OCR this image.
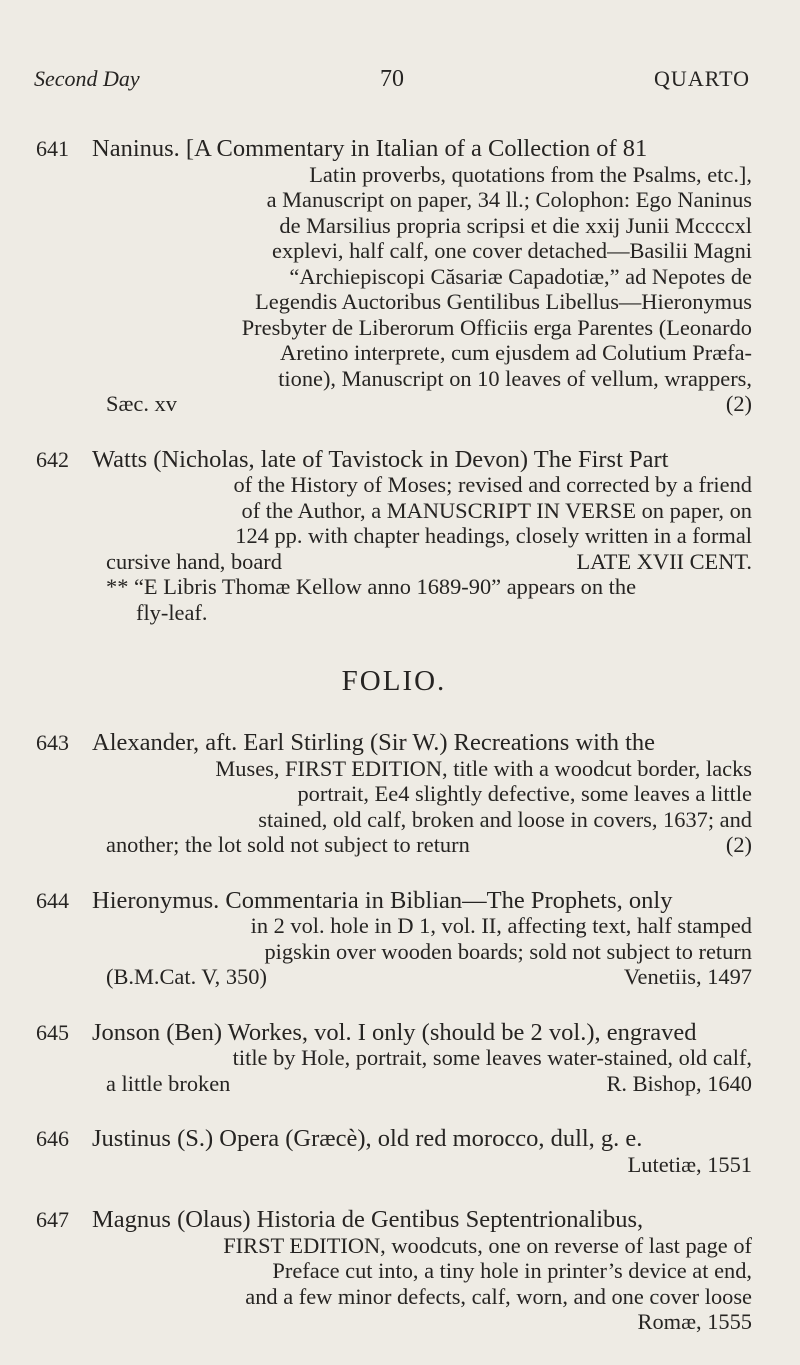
Second Day	70	QUARTO
641 Naninus. [A Commentary in Italian of a Collection of 81
Latin proverbs, quotations from the Psalms, etc.],
a Manuscript on paper, 34 ll.; Colophon: Ego Naninus
de Marsilius propria scripsi et die xxij Junii Mccccxl
explevi, half calf, one cover detached—Basilii Magni
“Archiepiscopi Căsariæ Capadotiæ,” ad Nepotes de
Legendis Auctoribus Gentilibus Libellus—Hieronymus
Presbyter de Liberorum Officiis erga Parentes (Leonardo
Aretino interprete, cum ejusdem ad Colutium Præfa-
tione), Manuscript on 10 leaves of vellum, wrappers,
Sæc. xv	(2)
642 Watts (Nicholas, late of Tavistock in Devon) The First Part
of the History of Moses; revised and corrected by a friend
of the Author, a MANUSCRIPT IN VERSE on paper, on
124 pp. with chapter headings, closely written in a formal
cursive hand, board	LATE XVII CENT.
** “E Libris Thomæ Kellow anno 1689-90” appears on the
fly-leaf.
FOLIO.
643 Alexander, aft. Earl Stirling (Sir W.) Recreations with the
Muses, FIRST EDITION, title with a woodcut border, lacks
portrait, Ee4 slightly defective, some leaves a little
stained, old calf, broken and loose in covers, 1637; and
another; the lot sold not subject to return	(2)
644 Hieronymus. Commentaria in Biblian—The Prophets, only
in 2 vol. hole in D 1, vol. II, affecting text, half stamped
pigskin over wooden boards; sold not subject to return
(B.M.Cat. V, 350)	Venetiis, 1497
645 Jonson (Ben) Workes, vol. I only (should be 2 vol.), engraved
title by Hole, portrait, some leaves water-stained, old calf,
a little broken	R. Bishop, 1640
646 Justinus (S.) Opera (Græcè), old red morocco, dull, g. e.
Lutetiæ, 1551
647 Magnus (Olaus) Historia de Gentibus Septentrionalibus,
FIRST EDITION, woodcuts, one on reverse of last page of
Preface cut into, a tiny hole in printer’s device at end,
and a few minor defects, calf, worn, and one cover loose
Romæ, 1555
